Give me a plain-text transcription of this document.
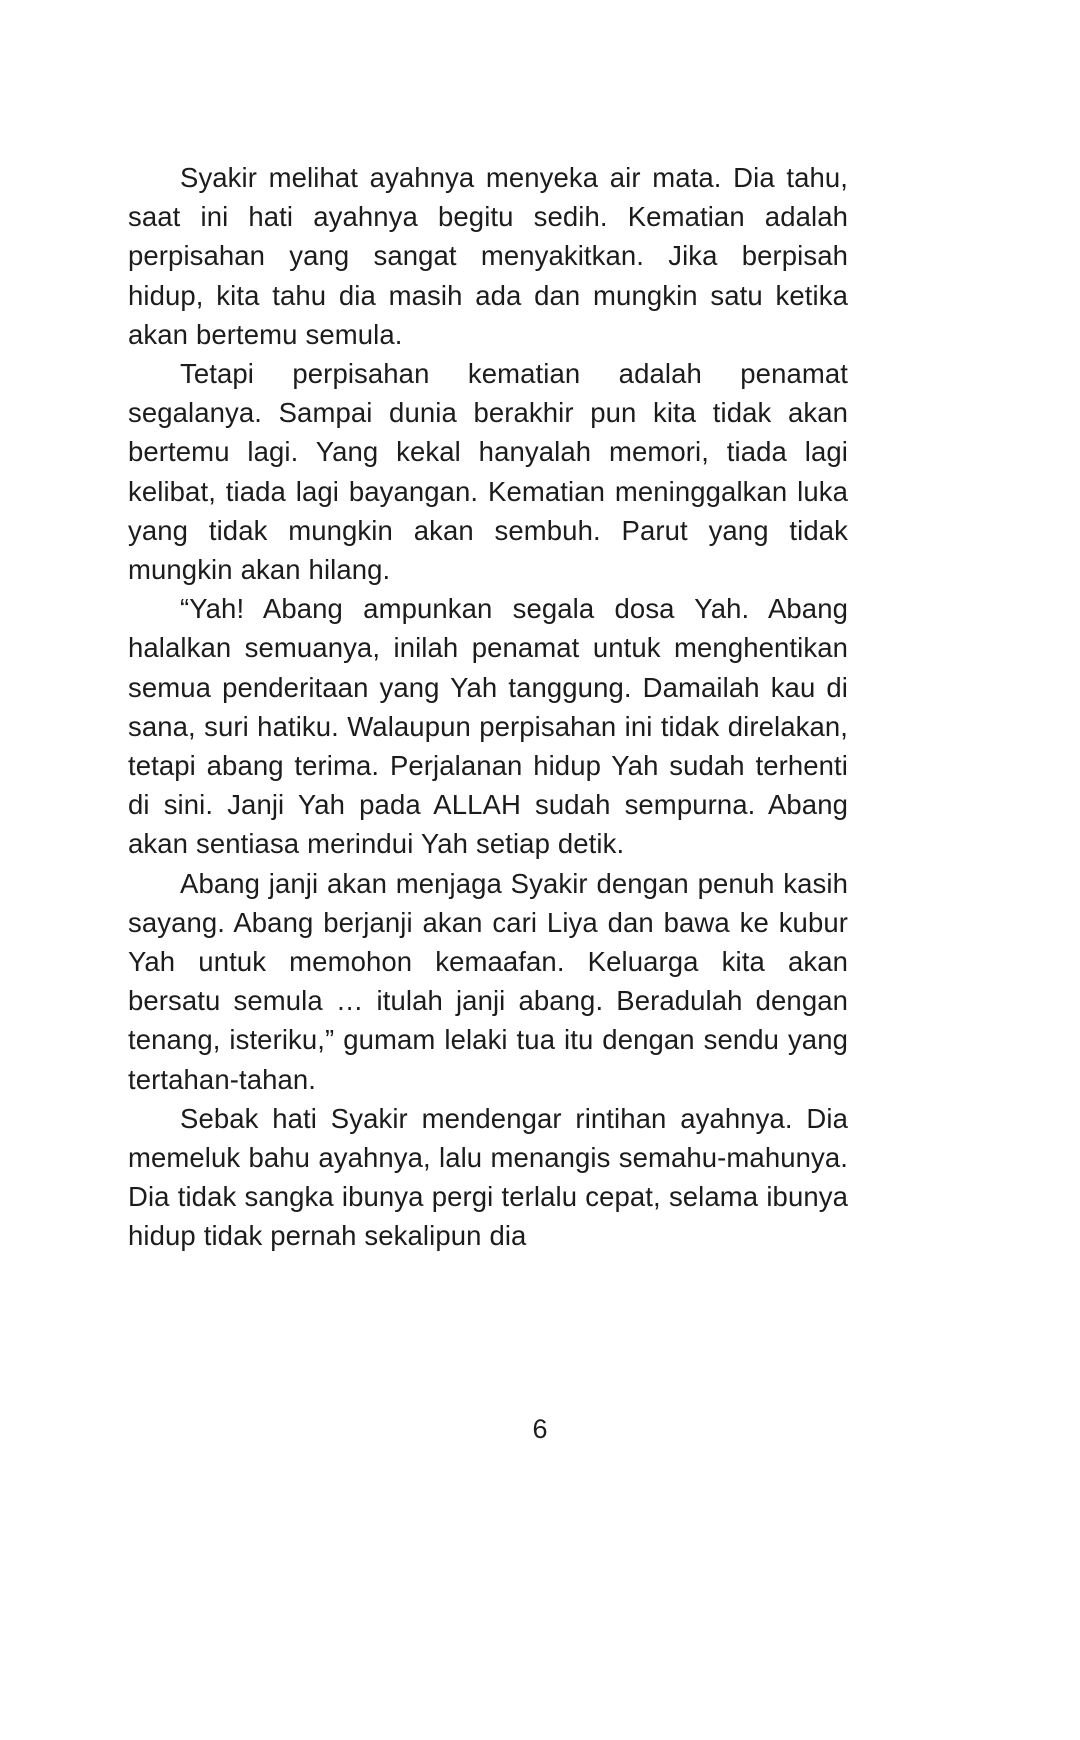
Syakir melihat ayahnya menyeka air mata. Dia tahu, saat ini hati ayahnya begitu sedih. Kematian adalah perpisahan yang sangat menyakitkan. Jika berpisah hidup, kita tahu dia masih ada dan mungkin satu ketika akan bertemu semula.

Tetapi perpisahan kematian adalah penamat segalanya. Sampai dunia berakhir pun kita tidak akan bertemu lagi. Yang kekal hanyalah memori, tiada lagi kelibat, tiada lagi bayangan. Kematian meninggalkan luka yang tidak mungkin akan sembuh. Parut yang tidak mungkin akan hilang.

“Yah! Abang ampunkan segala dosa Yah. Abang halalkan semuanya, inilah penamat untuk menghentikan semua penderitaan yang Yah tanggung. Damailah kau di sana, suri hatiku. Walaupun perpisahan ini tidak direlakan, tetapi abang terima. Perjalanan hidup Yah sudah terhenti di sini. Janji Yah pada ALLAH sudah sempurna. Abang akan sentiasa merindui Yah setiap detik.

Abang janji akan menjaga Syakir dengan penuh kasih sayang. Abang berjanji akan cari Liya dan bawa ke kubur Yah untuk memohon kemaafan. Keluarga kita akan bersatu semula … itulah janji abang. Beradulah dengan tenang, isteriku,” gumam lelaki tua itu dengan sendu yang tertahan-tahan.

Sebak hati Syakir mendengar rintihan ayahnya. Dia memeluk bahu ayahnya, lalu menangis semahu-mahunya. Dia tidak sangka ibunya pergi terlalu cepat, selama ibunya hidup tidak pernah sekalipun dia

6
